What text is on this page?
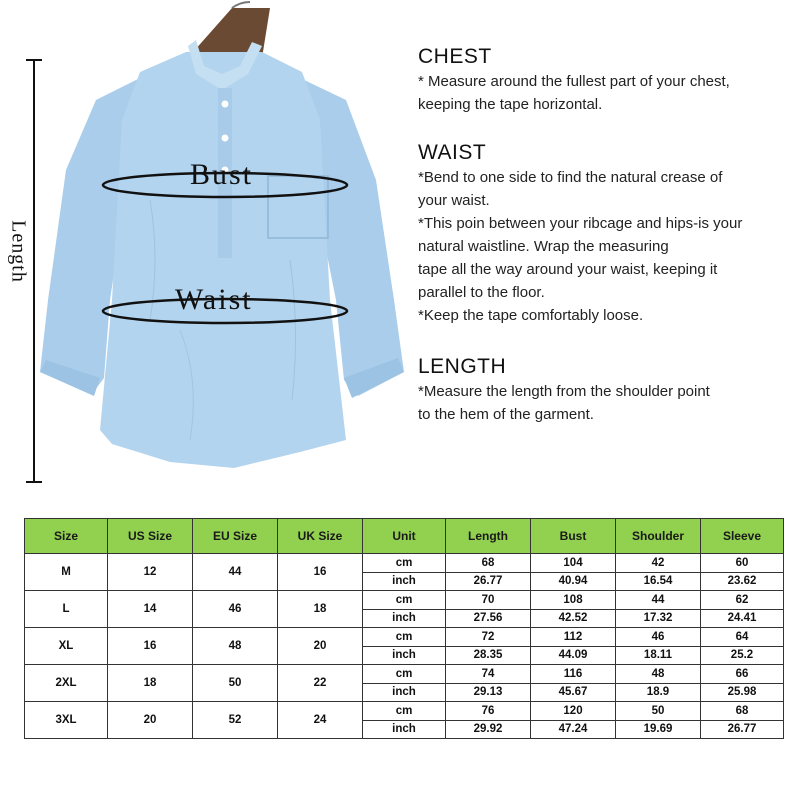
Length
Bust
Waist

CHEST

* Measure around the fullest part of your chest,

keeping the tape horizontal.

WAIST

*Bend to one side to find the natural crease of

your waist.

*This poin between your ribcage and hips-is your

natural waistline. Wrap the measuring

tape all the way around your waist, keeping it

parallel to the floor.

*Keep the tape comfortably loose.

LENGTH

*Measure the length from the shoulder point

to the hem of the garment.

Size	US Size	EU Size	UK Size	Unit	Length	Bust	Shoulder	Sleeve
M	12	44	16	cm	68	104	42	60
				inch	26.77	40.94	16.54	23.62
L	14	46	18	cm	70	108	44	62
				inch	27.56	42.52	17.32	24.41
XL	16	48	20	cm	72	112	46	64
				inch	28.35	44.09	18.11	25.2
2XL	18	50	22	cm	74	116	48	66
				inch	29.13	45.67	18.9	25.98
3XL	20	52	24	cm	76	120	50	68
				inch	29.92	47.24	19.69	26.77
